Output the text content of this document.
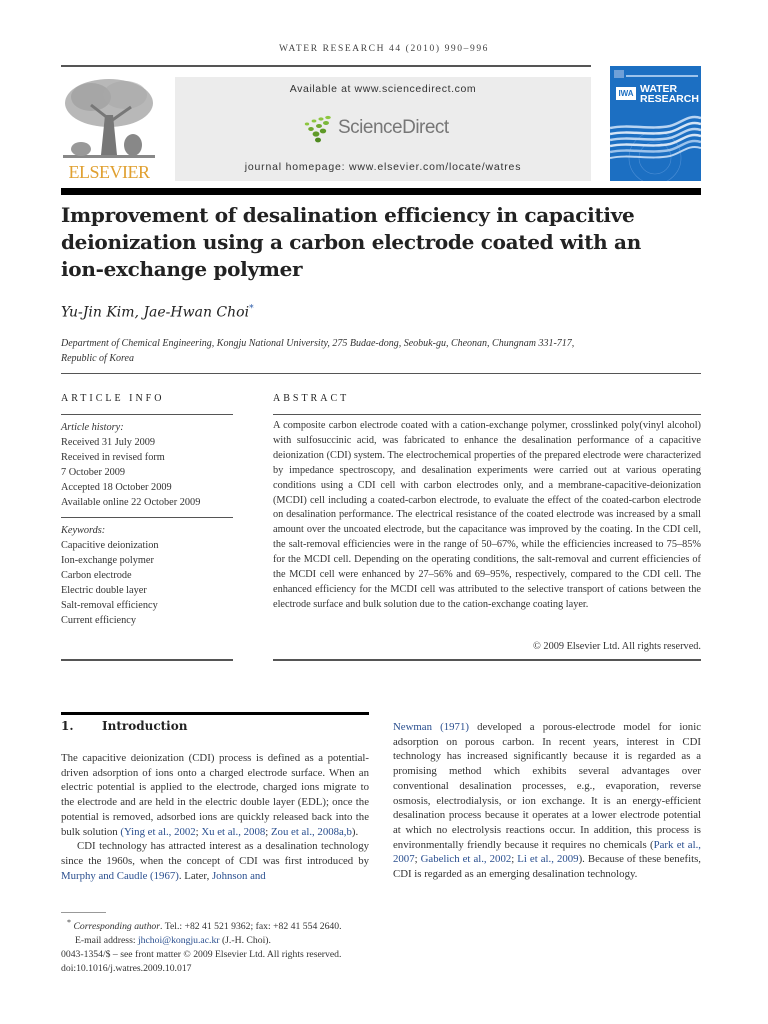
WATER RESEARCH 44 (2010) 990–996
ELSEVIER
Available at www.sciencedirect.com
ScienceDirect
journal homepage: www.elsevier.com/locate/watres
IWA WATER
RESEARCH
Improvement of desalination efficiency in capacitive deionization using a carbon electrode coated with an ion-exchange polymer
Yu-Jin Kim, Jae-Hwan Choi*
Department of Chemical Engineering, Kongju National University, 275 Budae-dong, Seobuk-gu, Cheonan, Chungnam 331-717, Republic of Korea
ARTICLE INFO	ABSTRACT
Article history:
Received 31 July 2009
Received in revised form
7 October 2009
Accepted 18 October 2009
Available online 22 October 2009
Keywords:
Capacitive deionization
Ion-exchange polymer
Carbon electrode
Electric double layer
Salt-removal efficiency
Current efficiency
A composite carbon electrode coated with a cation-exchange polymer, crosslinked poly(vinyl alcohol) with sulfosuccinic acid, was fabricated to enhance the desalination performance of a capacitive deionization (CDI) system. The electrochemical properties of the prepared electrode were characterized by impedance spectroscopy, and desalination experiments were carried out at various operating conditions using a CDI cell with carbon electrodes only, and a membrane-capacitive-deionization (MCDI) cell including a coated-carbon electrode, to evaluate the effect of the coated-carbon electrode on desalination performance. The electrical resistance of the coated electrode was increased by a small amount over the uncoated electrode, but the capacitance was improved by the coating. In the CDI cell, the salt-removal efficiencies were in the range of 50–67%, while the efficiencies increased to 75–85% for the MCDI cell. Depending on the operating conditions, the salt-removal and current efficiencies of the MCDI cell were enhanced by 27–56% and 69–95%, respectively, compared to the CDI cell. The enhanced efficiency for the MCDI cell was attributed to the selective transport of cations between the electrode surface and bulk solution due to the cation-exchange coating layer.
© 2009 Elsevier Ltd. All rights reserved.
1. Introduction

The capacitive deionization (CDI) process is defined as a potential-driven adsorption of ions onto a charged electrode surface. When an electric potential is applied to the electrode, charged ions migrate to the electrode and are held in the electric double layer (EDL); once the potential is removed, adsorbed ions are quickly released back into the bulk solution (Ying et al., 2002; Xu et al., 2008; Zou et al., 2008a,b).

CDI technology has attracted interest as a desalination technology since the 1960s, when the concept of CDI was first introduced by Murphy and Caudle (1967). Later, Johnson and

Newman (1971) developed a porous-electrode model for ionic adsorption on porous carbon. In recent years, interest in CDI technology has increased significantly because it is regarded as a promising method which exhibits several advantages over conventional desalination processes, e.g., evaporation, reverse osmosis, electrodialysis, or ion exchange. It is an energy-efficient desalination process because it operates at a lower electrode potential at which no electrolysis reactions occur. In addition, this process is environmentally friendly because it requires no chemicals (Park et al., 2007; Gabelich et al., 2002; Li et al., 2009). Because of these benefits, CDI is regarded as an emerging desalination technology.

* Corresponding author. Tel.: +82 41 521 9362; fax: +82 41 554 2640.
E-mail address: jhchoi@kongju.ac.kr (J.-H. Choi).
0043-1354/$ – see front matter © 2009 Elsevier Ltd. All rights reserved.
doi:10.1016/j.watres.2009.10.017
